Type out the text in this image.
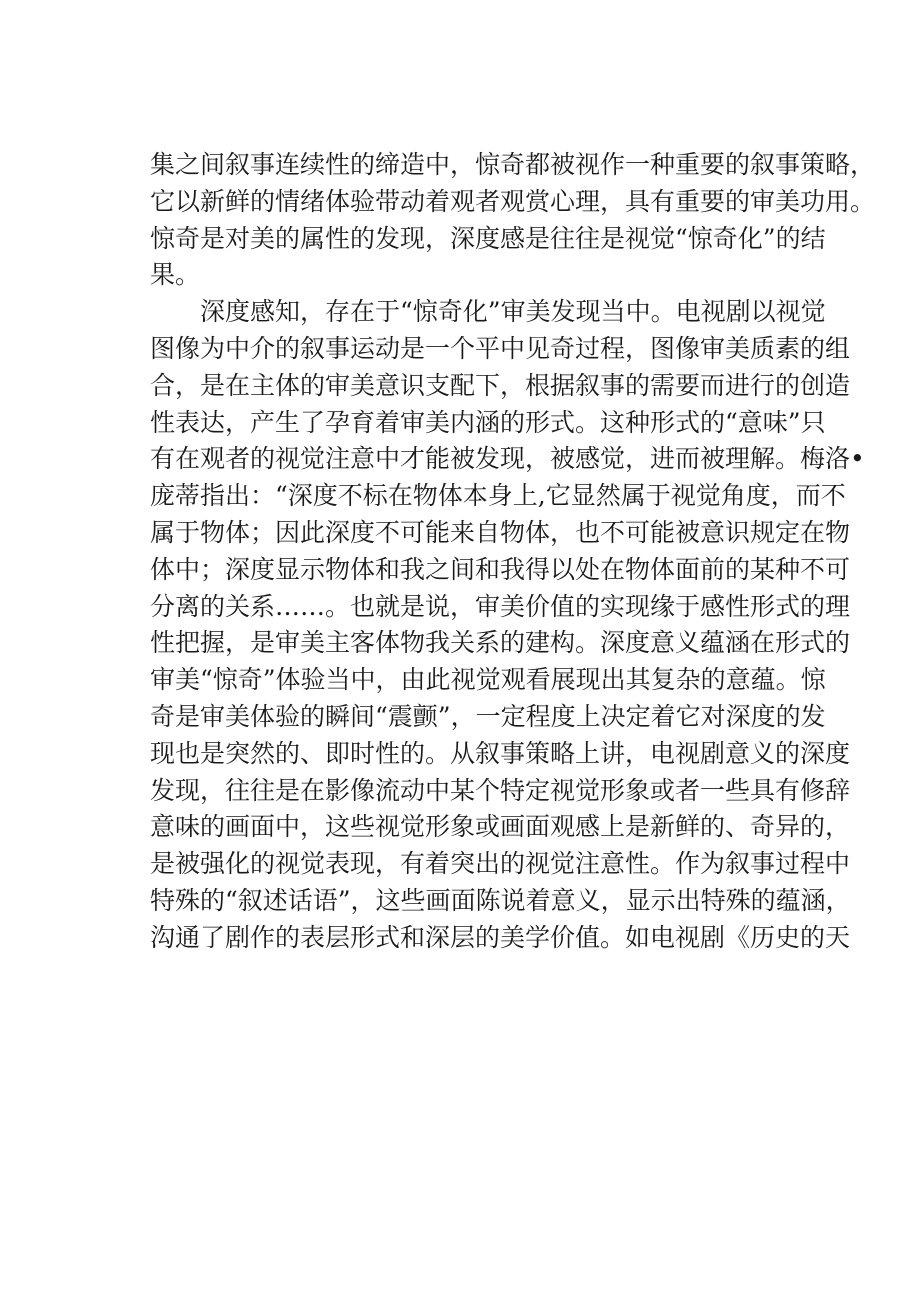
集之间叙事连续性的缔造中，惊奇都被视作一种重要的叙事策略，
它以新鲜的情绪体验带动着观者观赏心理，具有重要的审美功用。
惊奇是对美的属性的发现，深度感是往往是视觉“惊奇化”的结
果。
深度感知，存在于“惊奇化”审美发现当中。电视剧以视觉
图像为中介的叙事运动是一个平中见奇过程，图像审美质素的组
合，是在主体的审美意识支配下，根据叙事的需要而进行的创造
性表达，产生了孕育着审美内涵的形式。这种形式的“意味”只
有在观者的视觉注意中才能被发现，被感觉，进而被理解。梅洛•
庞蒂指出：“深度不标在物体本身上,它显然属于视觉角度，而不
属于物体；因此深度不可能来自物体，也不可能被意识规定在物
体中；深度显示物体和我之间和我得以处在物体面前的某种不可
分离的关系……。也就是说，审美价值的实现缘于感性形式的理
性把握，是审美主客体物我关系的建构。深度意义蕴涵在形式的
审美“惊奇”体验当中，由此视觉观看展现出其复杂的意蕴。惊
奇是审美体验的瞬间“震颤”，一定程度上决定着它对深度的发
现也是突然的、即时性的。从叙事策略上讲，电视剧意义的深度
发现，往往是在影像流动中某个特定视觉形象或者一些具有修辞
意味的画面中，这些视觉形象或画面观感上是新鲜的、奇异的，
是被强化的视觉表现，有着突出的视觉注意性。作为叙事过程中
特殊的“叙述话语”，这些画面陈说着意义，显示出特殊的蕴涵，
沟通了剧作的表层形式和深层的美学价值。如电视剧《历史的天
